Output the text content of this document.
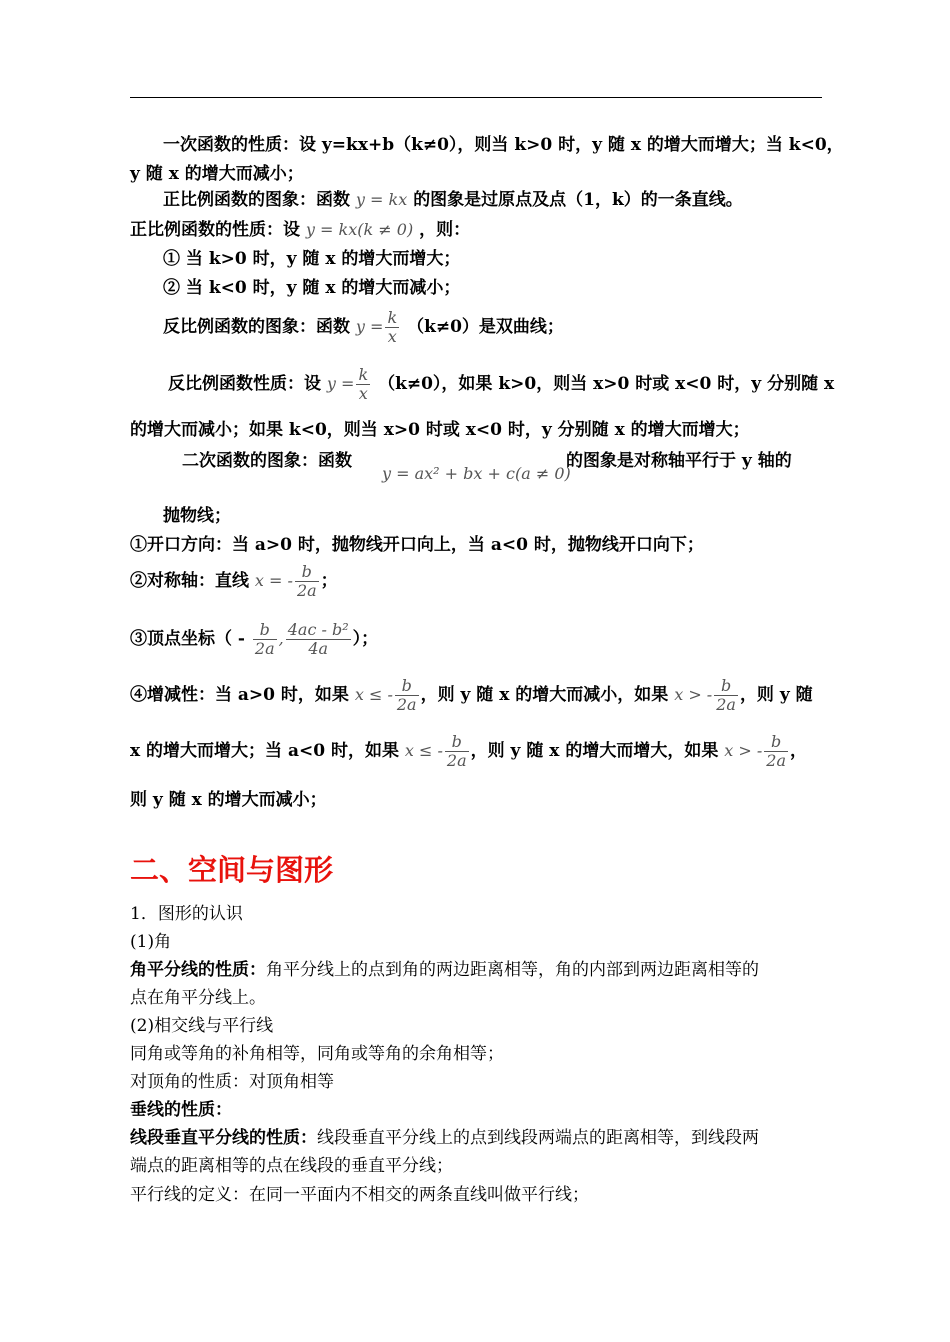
一次函数的性质：设 y=kx+b（k≠0），则当 k>0 时，y 随 x 的增大而增大；当 k<0，
y 随 x 的增大而减小；
正比例函数的图象：函数 y = kx 的图象是过原点及点（1，k）的一条直线。
正比例函数的性质：设 y = kx(k ≠ 0) ，则：
① 当 k>0 时，y 随 x 的增大而增大；
② 当 k<0 时，y 随 x 的增大而减小；
反比例函数的图象：函数 $y = \frac{k}{x} (k\ne 0)$是双曲线；
反比例函数性质：设 $y = \frac{k}{x} (k\ne 0)$，如果 k>0，则当 x>0 时或 x<0 时，y 分别随 x
的增大而减小；如果 k<0，则当 x>0 时或 x<0 时，y 分别随 x 的增大而增大；
二次函数的图象：函数
y = ax² + bx + c(a ≠ 0)
的图象是对称轴平行于 y 轴的
抛物线；
①开口方向：当 a>0 时，抛物线开口向上，当 a<0 时，抛物线开口向下；
②对称轴：直线 x = - $\frac{b}{2a}$ ；
③顶点坐标（ - $\frac{b}{2a}$ , $\frac{\text{4ac - b²}}{4a}$ ）；
④增减性：当 a>0 时，如果 x ≤ - $\frac{b}{2a}$ ，则 y 随 x 的增大而减小，如果 x > - $\frac{b}{2a}$ ，则 y 随
x 的增大而增大；当 a<0 时，如果 x ≤ - $\frac{b}{2a}$ ，则 y 随 x 的增大而增大，如果 x > - $\frac{b}{2a}$ ，
则 y 随 x 的增大而减小；
二、空间与图形
1．图形的认识
(1)角
角平分线的性质：角平分线上的点到角的两边距离相等，角的内部到两边距离相等的
点在角平分线上。
(2)相交线与平行线
同角或等角的补角相等，同角或等角的余角相等；
对顶角的性质：对顶角相等
垂线的性质：
线段垂直平分线的性质：线段垂直平分线上的点到线段两端点的距离相等，到线段两
端点的距离相等的点在线段的垂直平分线；
平行线的定义：在同一平面内不相交的两条直线叫做平行线；
